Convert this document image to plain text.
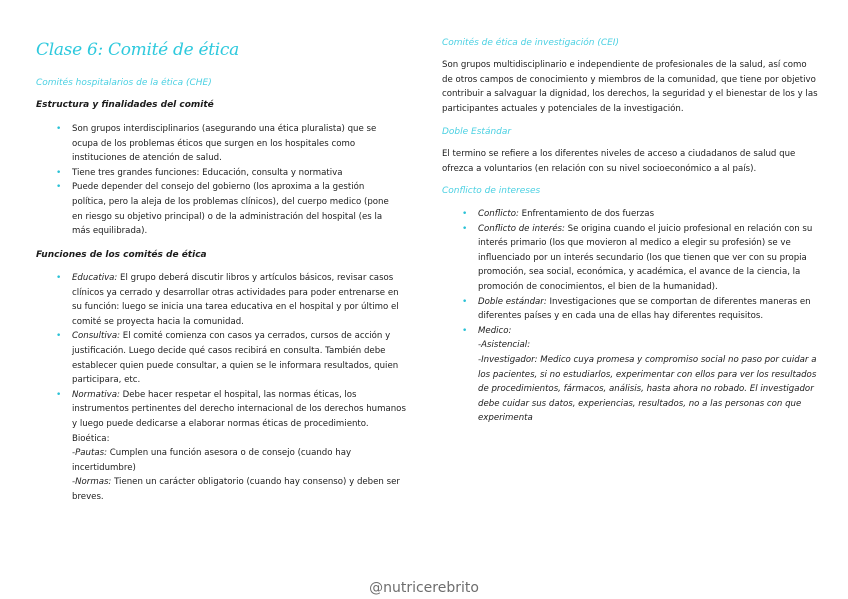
Clase 6: Comité de ética

Comités hospitalarios de la ética (CHE)

Estructura y finalidades del comité

• Son grupos interdisciplinarios (asegurando una ética pluralista) que se ocupa de los problemas éticos que surgen en los hospitales como instituciones de atención de salud.
• Tiene tres grandes funciones: Educación, consulta y normativa
• Puede depender del consejo del gobierno (los aproxima a la gestión política, pero la aleja de los problemas clínicos), del cuerpo medico (pone en riesgo su objetivo principal) o de la administración del hospital (es la más equilibrada).

Funciones de los comités de ética

• Educativa: El grupo deberá discutir libros y artículos básicos, revisar casos clínicos ya cerrado y desarrollar otras actividades para poder entrenarse en su función: luego se inicia una tarea educativa en el hospital y por último el comité se proyecta hacia la comunidad.
• Consultiva: El comité comienza con casos ya cerrados, cursos de acción y justificación. Luego decide qué casos recibirá en consulta. También debe establecer quien puede consultar, a quien se le informara resultados, quien participara, etc.
• Normativa: Debe hacer respetar el hospital, las normas éticas, los instrumentos pertinentes del derecho internacional de los derechos humanos y luego puede dedicarse a elaborar normas éticas de procedimiento. Bioética:
-Pautas: Cumplen una función asesora o de consejo (cuando hay incertidumbre)
-Normas: Tienen un carácter obligatorio (cuando hay consenso) y deben ser breves.

Comités de ética de investigación (CEI)

Son grupos multidisciplinario e independiente de profesionales de la salud, así como de otros campos de conocimiento y miembros de la comunidad, que tiene por objetivo contribuir a salvaguar la dignidad, los derechos, la seguridad y el bienestar de los y las participantes actuales y potenciales de la investigación.

Doble Estándar

El termino se refiere a los diferentes niveles de acceso a ciudadanos de salud que ofrezca a voluntarios (en relación con su nivel socioeconómico a al país).

Conflicto de intereses

• Conflicto: Enfrentamiento de dos fuerzas
• Conflicto de interés: Se origina cuando el juicio profesional en relación con su interés primario (los que movieron al medico a elegir su profesión) se ve influenciado por un interés secundario (los que tienen que ver con su propia promoción, sea social, económica, y académica, el avance de la ciencia, la promoción de conocimientos, el bien de la humanidad).
• Doble estándar: Investigaciones que se comportan de diferentes maneras en diferentes países y en cada una de ellas hay diferentes requisitos.
• Medico:
-Asistencial:
-Investigador: Medico cuya promesa y compromiso social no paso por cuidar a los pacientes, si no estudiarlos, experimentar con ellos para ver los resultados de procedimientos, fármacos, análisis, hasta ahora no robado. El investigador debe cuidar sus datos, experiencias, resultados, no a las personas con que experimenta
@nutricerebrito
